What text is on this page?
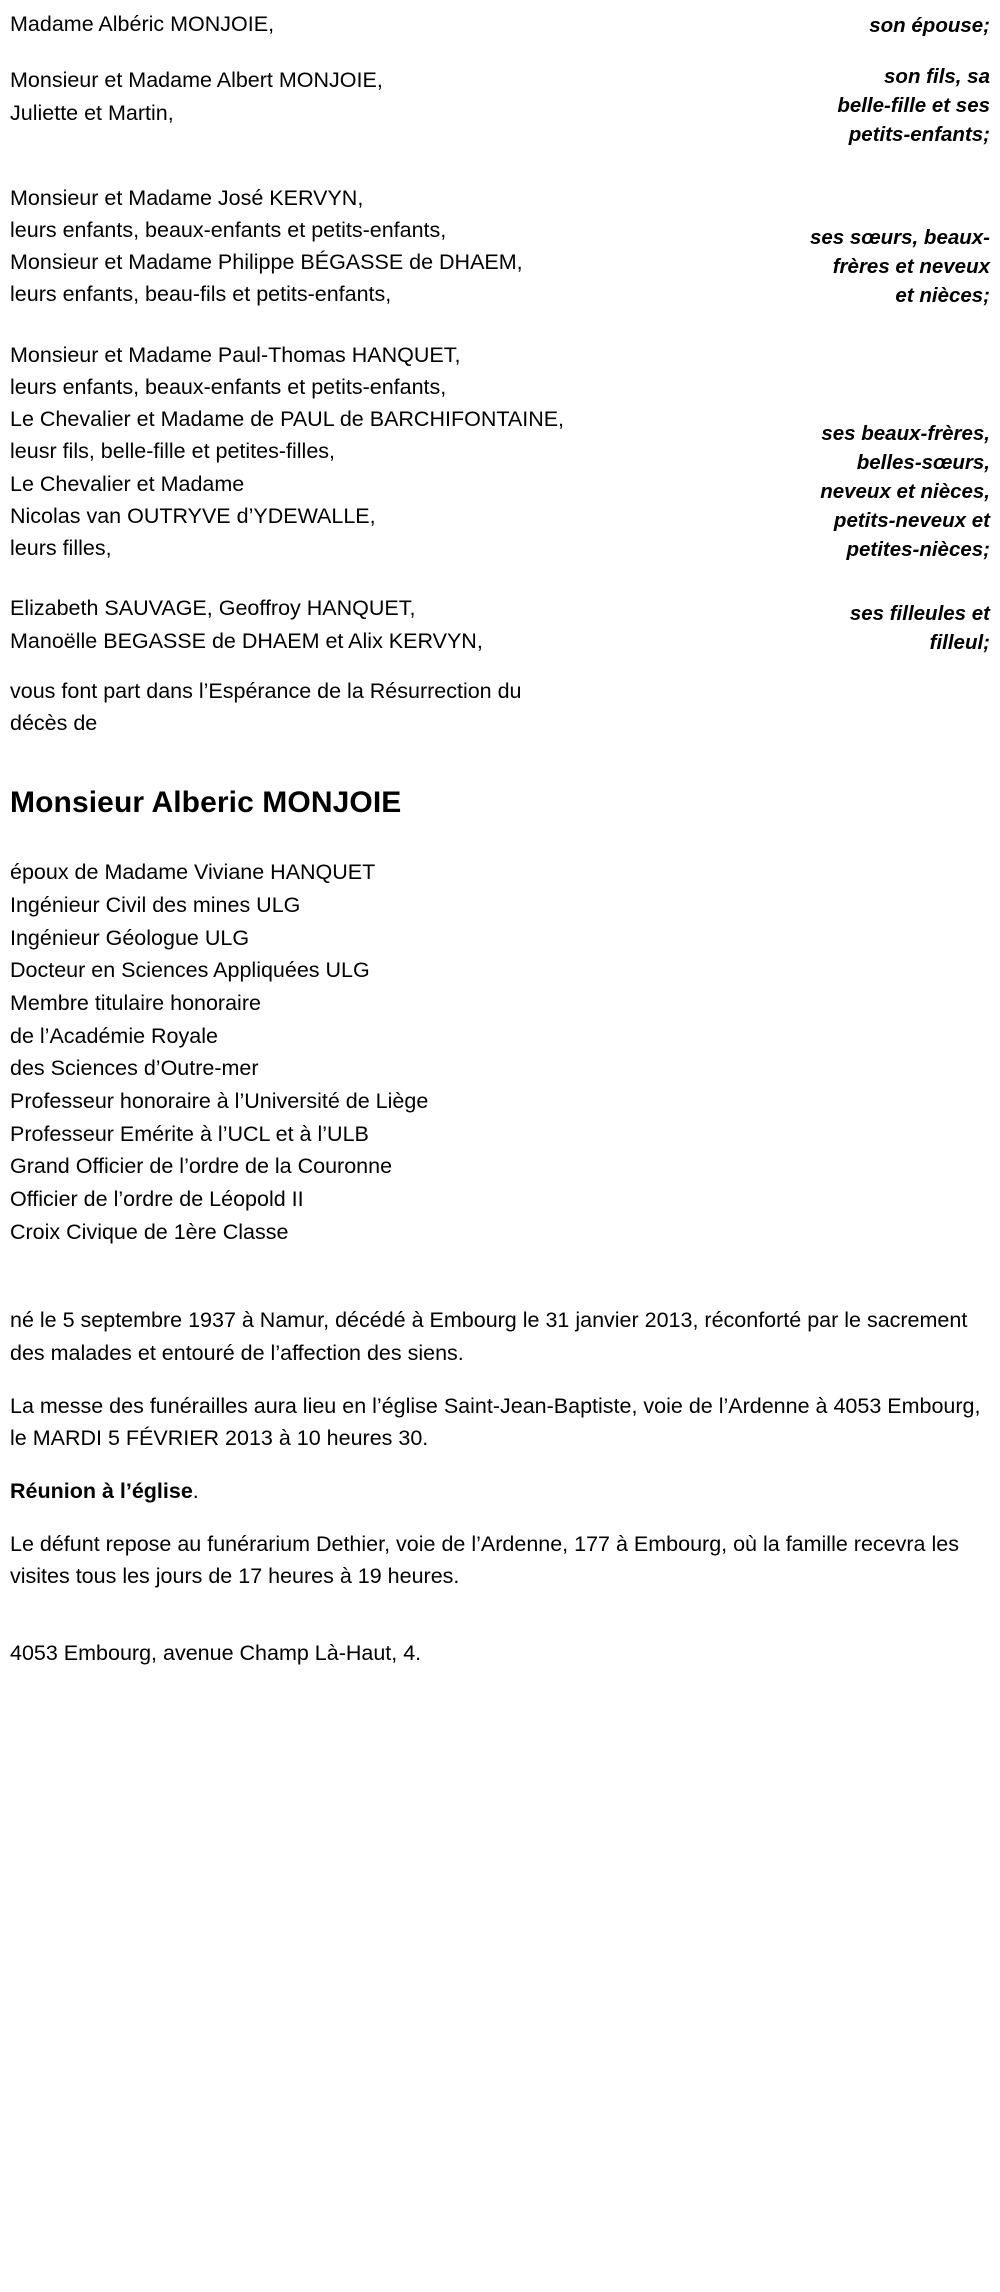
Madame Albéric MONJOIE,	son épouse;
Monsieur et Madame Albert MONJOIE,
Juliette et Martin,
son fils, sa
belle-fille et ses
petits-enfants;
Monsieur et Madame José KERVYN,
leurs enfants, beaux-enfants et petits-enfants,
Monsieur et Madame Philippe BÉGASSE de DHAEM,
leurs enfants, beau-fils et petits-enfants,
ses sœurs, beaux-
frères et neveux
et nièces;
Monsieur et Madame Paul-Thomas HANQUET,
leurs enfants, beaux-enfants et petits-enfants,
Le Chevalier et Madame de PAUL de BARCHIFONTAINE,
leusr fils, belle-fille et petites-filles,
Le Chevalier et Madame
Nicolas van OUTRYVE d’YDEWALLE,
leurs filles,
ses beaux-frères,
belles-sœurs,
neveux et nièces,
petits-neveux et
petites-nièces;
Elizabeth SAUVAGE, Geoffroy HANQUET,
Manoëlle BEGASSE de DHAEM et Alix KERVYN,
ses filleules et
filleul;
vous font part dans l’Espérance de la Résurrection du
décès de
Monsieur Alberic MONJOIE
époux de Madame Viviane HANQUET
Ingénieur Civil des mines ULG
Ingénieur Géologue ULG
Docteur en Sciences Appliquées ULG
Membre titulaire honoraire
de l’Académie Royale
des Sciences d’Outre-mer
Professeur honoraire à l’Université de Liège
Professeur Emérite à l’UCL et à l’ULB
Grand Officier de l’ordre de la Couronne
Officier de l’ordre de Léopold II
Croix Civique de 1ère Classe

né le 5 septembre 1937 à Namur, décédé à Embourg le 31 janvier 2013, réconforté par le sacrement des malades et entouré de l’affection des siens.

La messe des funérailles aura lieu en l’église Saint-Jean-Baptiste, voie de l’Ardenne à 4053 Embourg, le MARDI 5 FÉVRIER 2013 à 10 heures 30.

Réunion à l’église.

Le défunt repose au funérarium Dethier, voie de l’Ardenne, 177 à Embourg, où la famille recevra les visites tous les jours de 17 heures à 19 heures.

4053 Embourg, avenue Champ Là-Haut, 4.
